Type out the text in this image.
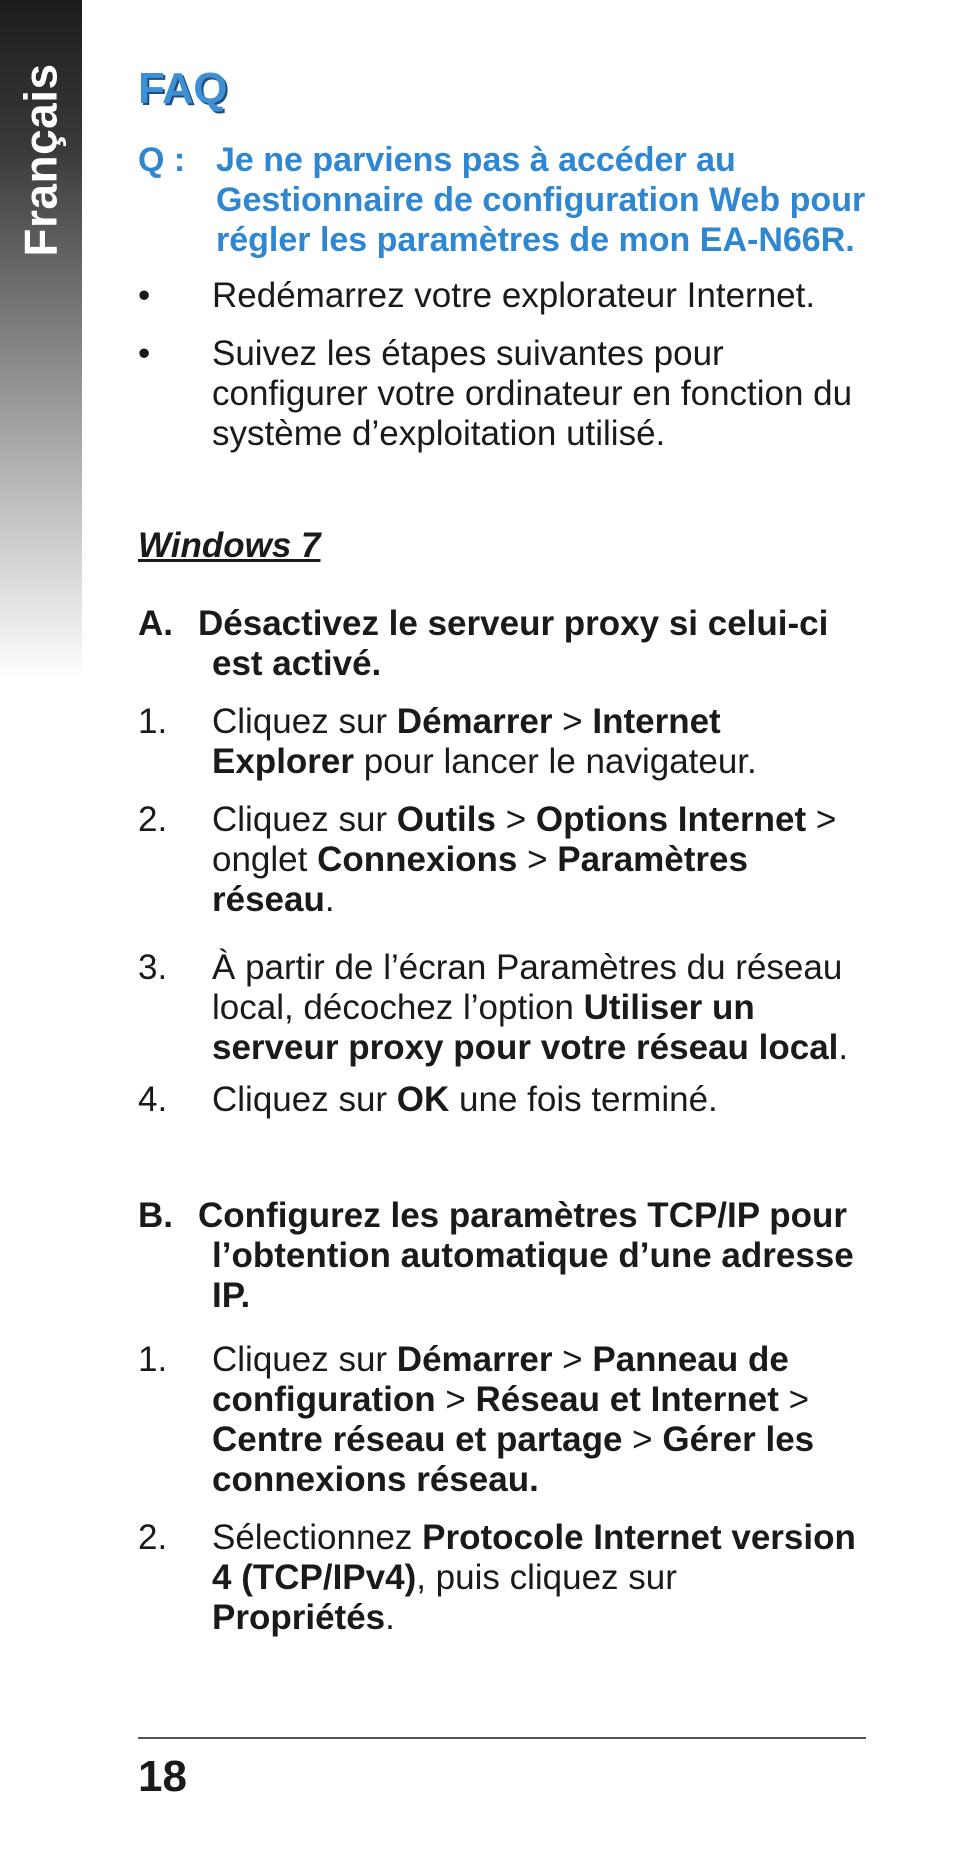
Français FAQ
Q : Je ne parviens pas à accéder au Gestionnaire de configuration Web pour régler les paramètres de mon EA-N66R.
• Redémarrez votre explorateur Internet.
• Suivez les étapes suivantes pour configurer votre ordinateur en fonction du système d’exploitation utilisé.
Windows 7
A. Désactivez le serveur proxy si celui-ci est activé.
1. Cliquez sur Démarrer > Internet Explorer pour lancer le navigateur.
2. Cliquez sur Outils > Options Internet > onglet Connexions > Paramètres réseau.
3. À partir de l’écran Paramètres du réseau local, décochez l’option Utiliser un serveur proxy pour votre réseau local.
4. Cliquez sur OK une fois terminé.
B. Configurez les paramètres TCP/IP pour l’obtention automatique d’une adresse IP.
1. Cliquez sur Démarrer > Panneau de configuration > Réseau et Internet > Centre réseau et partage > Gérer les connexions réseau.
2. Sélectionnez Protocole Internet version 4 (TCP/IPv4), puis cliquez sur Propriétés.
18
